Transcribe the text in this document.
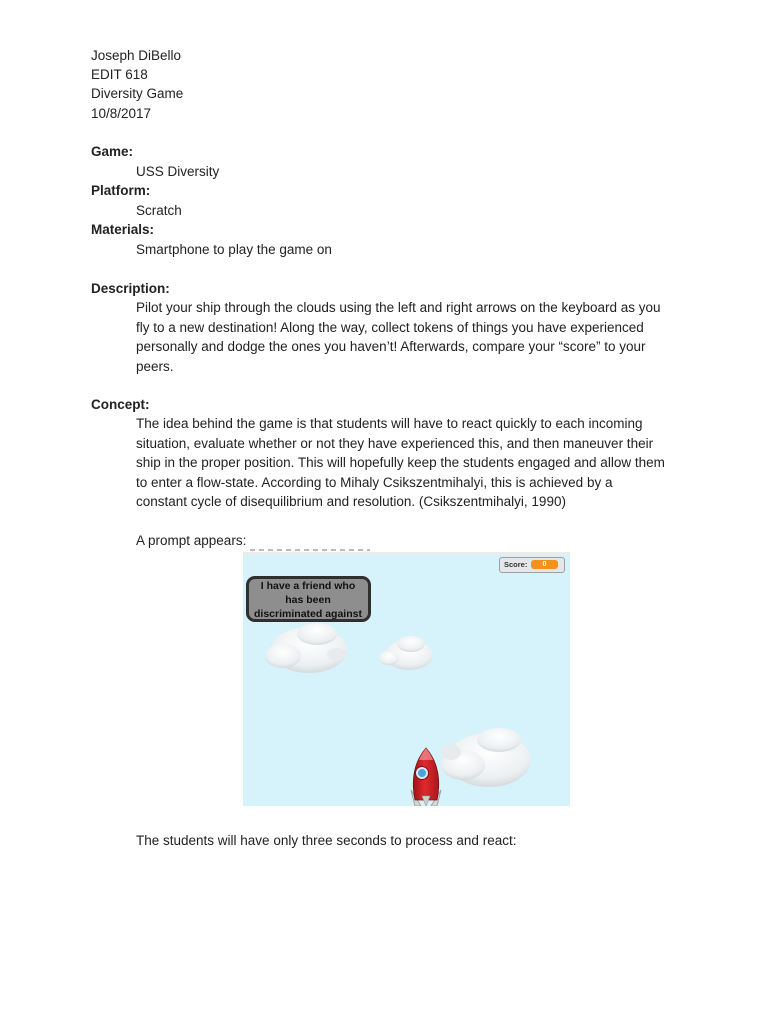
Joseph DiBello
EDIT 618
Diversity Game
10/8/2017
Game:
USS Diversity
Platform:
Scratch
Materials:
Smartphone to play the game on
Description:
Pilot your ship through the clouds using the left and right arrows on the keyboard as you
fly to a new destination! Along the way, collect tokens of things you have experienced
personally and dodge the ones you haven’t! Afterwards, compare your “score” to your
peers.
Concept:
The idea behind the game is that students will have to react quickly to each incoming
situation, evaluate whether or not they have experienced this, and then maneuver their
ship in the proper position. This will hopefully keep the students engaged and allow them
to enter a flow-state. According to Mihaly Csikszentmihalyi, this is achieved by a
constant cycle of disequilibrium and resolution. (Csikszentmihalyi, 1990)
A prompt appears:
Score:	0
I have a friend who
has been
discriminated against
The students will have only three seconds to process and react:
